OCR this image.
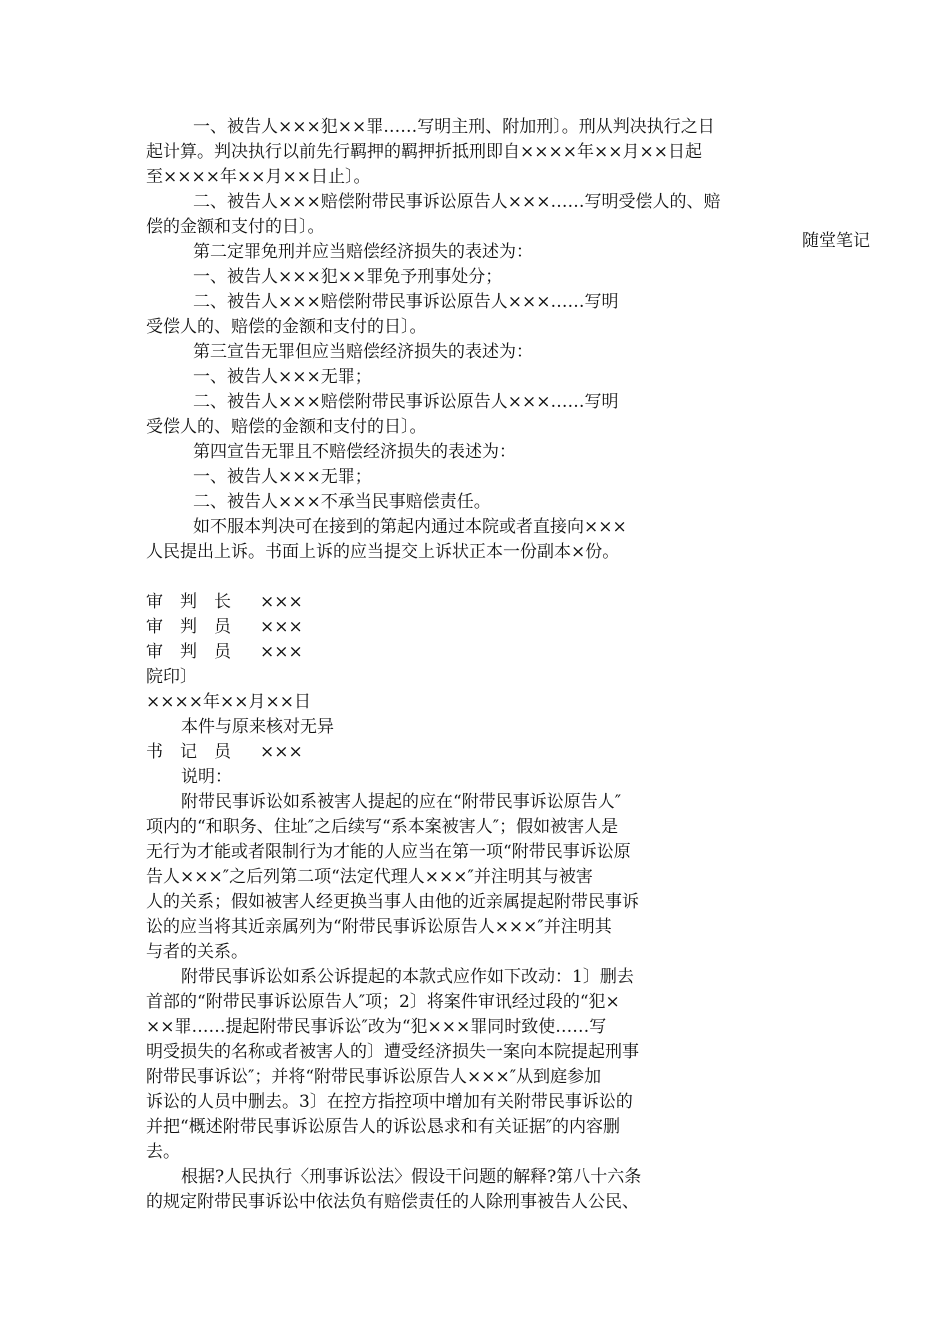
随堂笔记
一、被告人×××犯××罪……写明主刑、附加刑〕。刑从判决执行之日
起计算。判决执行以前先行羁押的羁押折抵刑即自××××年××月××日起
至××××年××月××日止〕。
二、被告人×××赔偿附带民事诉讼原告人×××……写明受偿人的、赔
偿的金额和支付的日〕。
第二定罪免刑并应当赔偿经济损失的表述为：
一、被告人×××犯××罪免予刑事处分；
二、被告人×××赔偿附带民事诉讼原告人×××……写明
受偿人的、赔偿的金额和支付的日〕。
第三宣告无罪但应当赔偿经济损失的表述为：
一、被告人×××无罪；
二、被告人×××赔偿附带民事诉讼原告人×××……写明
受偿人的、赔偿的金额和支付的日〕。
第四宣告无罪且不赔偿经济损失的表述为：
一、被告人×××无罪；
二、被告人×××不承当民事赔偿责任。
如不服本判决可在接到的第起内通过本院或者直接向×××
人民提出上诉。书面上诉的应当提交上诉状正本一份副本×份。
院印〕
××××年××月××日
本件与原来核对无异
说明：
附带民事诉讼如系被害人提起的应在“附带民事诉讼原告人″
项内的“和职务、住址″之后续写“系本案被害人″；假如被害人是
无行为才能或者限制行为才能的人应当在第一项“附带民事诉讼原
告人×××″之后列第二项“法定代理人×××″并注明其与被害
人的关系；假如被害人经更换当事人由他的近亲属提起附带民事诉
讼的应当将其近亲属列为“附带民事诉讼原告人×××″并注明其
与者的关系。
附带民事诉讼如系公诉提起的本款式应作如下改动：1〕删去
首部的“附带民事诉讼原告人″项；2〕将案件审讯经过段的“犯×
××罪……提起附带民事诉讼″改为“犯×××罪同时致使……写
明受损失的名称或者被害人的〕遭受经济损失一案向本院提起刑事
附带民事诉讼″；并将“附带民事诉讼原告人×××″从到庭参加
诉讼的人员中删去。3〕在控方指控项中增加有关附带民事诉讼的
并把“概述附带民事诉讼原告人的诉讼恳求和有关证据″的内容删
去。
根据?人民执行〈刑事诉讼法〉假设干问题的解释?第八十六条
的规定附带民事诉讼中依法负有赔偿责任的人除刑事被告人公民、
审　判　长 ×××
审　判　员 ×××
审　判　员 ×××
书　记　员 ×××
